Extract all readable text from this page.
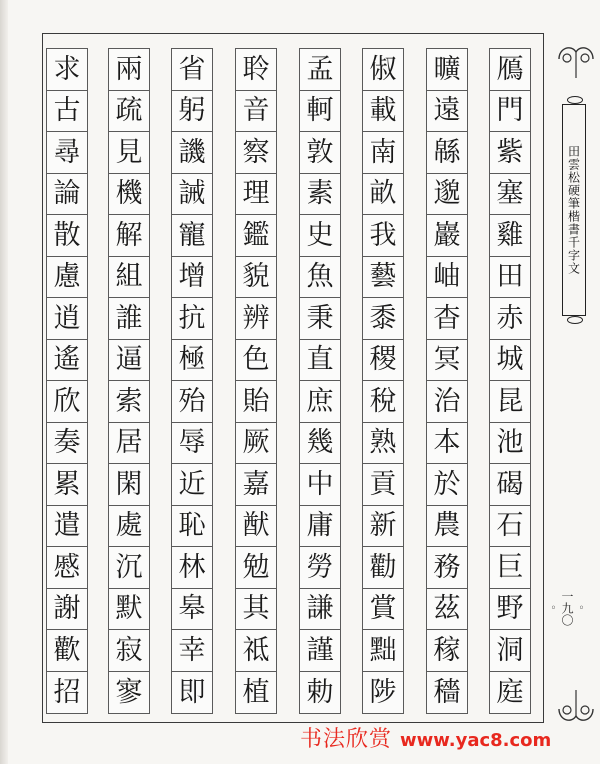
鴈
門
紫
塞
雞
田
赤
城
昆
池
碣
石
巨
野
洞
庭
曠
遠
緜
邈
巖
岫
杳
冥
治
本
於
農
務
茲
稼
穡
俶
載
南
畝
我
藝
黍
稷
稅
熟
貢
新
勸
賞
黜
陟
孟
軻
敦
素
史
魚
秉
直
庶
幾
中
庸
勞
謙
謹
勅
聆
音
察
理
鑑
貌
辨
色
貽
厥
嘉
猷
勉
其
祗
植
省
躬
譏
誡
寵
增
抗
極
殆
辱
近
恥
林
皋
幸
即
兩
疏
見
機
解
組
誰
逼
索
居
閑
處
沉
默
寂
寥
求
古
尋
論
散
慮
逍
遙
欣
奏
累
遣
慼
謝
歡
招
田雲松硬筆楷書千字文
◦ 一九〇 ◦
书法欣赏 www.yac8.com
